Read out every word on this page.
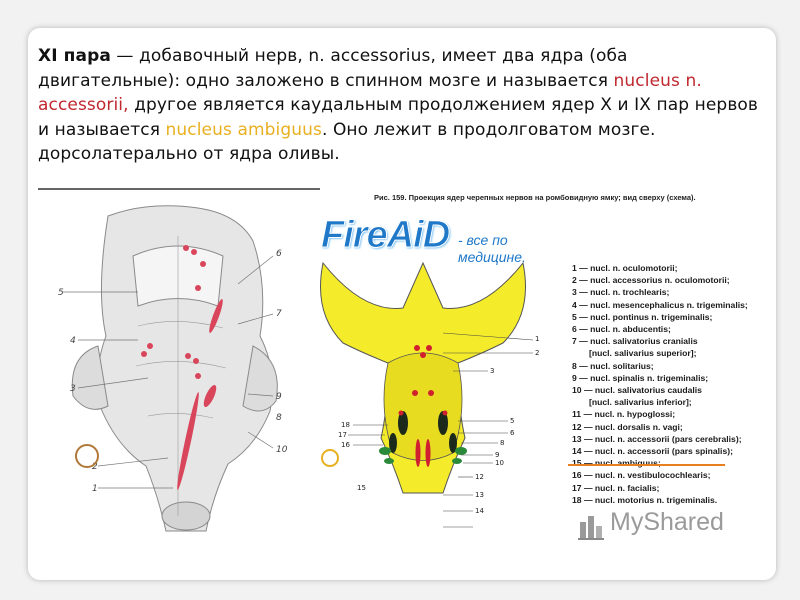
XI пара — добавочный нерв, n. accessorius, имеет два ядра (оба двигательные): одно заложено в спинном мозге и называется nucleus n. accessorii, другое является каудальным продолжением ядер X и IX пар нервов и называется nucleus ambiguus. Оно лежит в продолговатом мозге. дорсолатерально от ядра оливы.
6
5
7
4
3
9
8
10
2
1
Рис. 159. Проекция ядер черепных нервов на ромбовидную ямку; вид сверху (схема).
1
2
3
5
6
8
9
10
12
13
14
18
17
16
15
FireAiD - все по
медицине.
1 — nucl. n. oculomotorii;
2 — nucl. accessorius n. oculomotorii;
3 — nucl. n. trochlearis;
4 — nucl. mesencephalicus n. trigeminalis;
5 — nucl. pontinus n. trigeminalis;
6 — nucl. n. abducentis;
7 — nucl. salivatorius cranialis
[nucl. salivarius superior];
8 — nucl. solitarius;
9 — nucl. spinalis n. trigeminalis;
10 — nucl. salivatorius caudalis
[nucl. salivarius inferior];
11 — nucl. n. hypoglossi;
12 — nucl. dorsalis n. vagi;
13 — nucl. n. accessorii (pars cerebralis);
14 — nucl. n. accessorii (pars spinalis);
16 — nucl. n. vestibulocochlearis;
17 — nucl. n. facialis;
18 — nucl. motorius n. trigeminalis.
MyShared
